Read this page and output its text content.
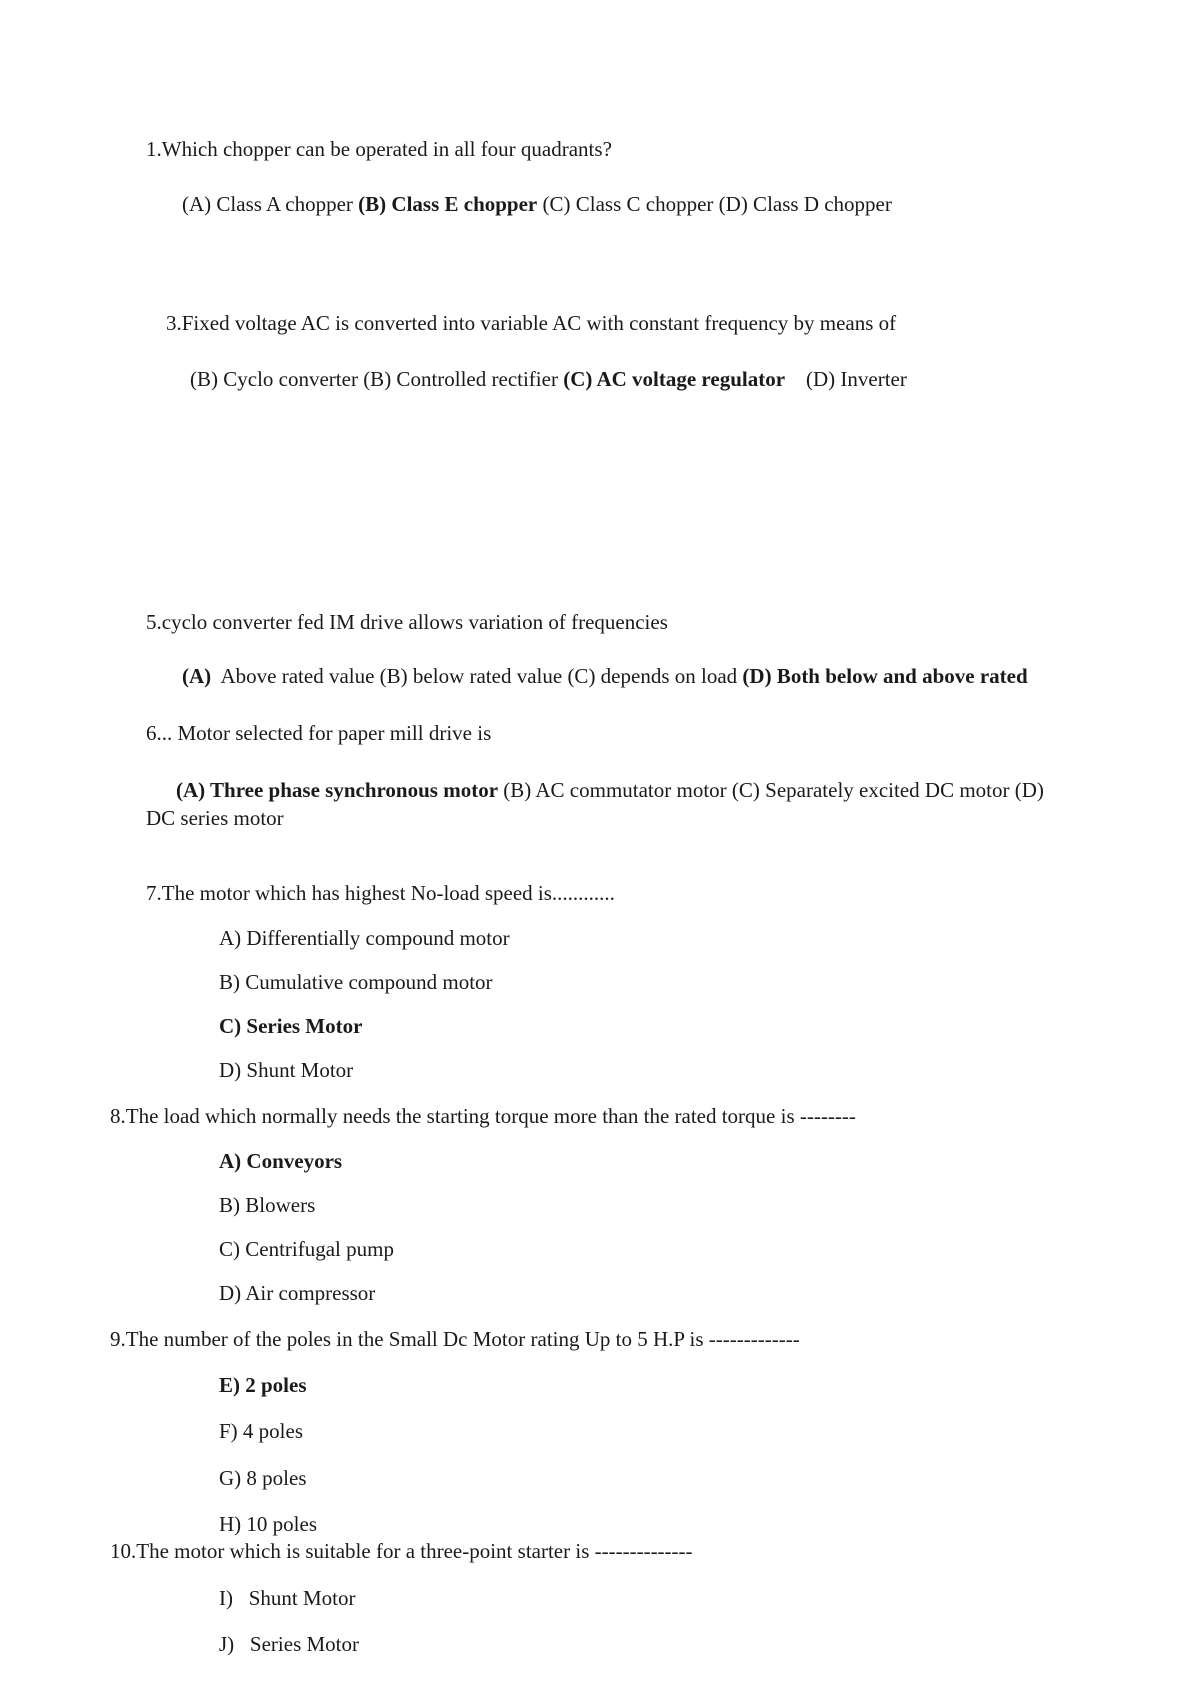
1.Which chopper can be operated in all four quadrants?
(A) Class A chopper (B) Class E chopper (C) Class C chopper (D) Class D chopper
3.Fixed voltage AC is converted into variable AC with constant frequency by means of
(B) Cyclo converter (B) Controlled rectifier (C) AC voltage regulator    (D) Inverter
5.cyclo converter fed IM drive allows variation of frequencies
(A)  Above rated value (B) below rated value (C) depends on load (D) Both below and above rated
6... Motor selected for paper mill drive is
(A) Three phase synchronous motor (B) AC commutator motor (C) Separately excited DC motor (D) DC series motor
7.The motor which has highest No-load speed is............
A) Differentially compound motor
B) Cumulative compound motor
C) Series Motor
D) Shunt Motor
8.The load which normally needs the starting torque more than the rated torque is --------
A) Conveyors
B) Blowers
C) Centrifugal pump
D) Air compressor
9.The number of the poles in the Small Dc Motor rating Up to 5 H.P is -------------
E) 2 poles
F) 4 poles
G) 8 poles
H) 10 poles
10.The motor which is suitable for a three-point starter is --------------
I)   Shunt Motor
J)   Series Motor
